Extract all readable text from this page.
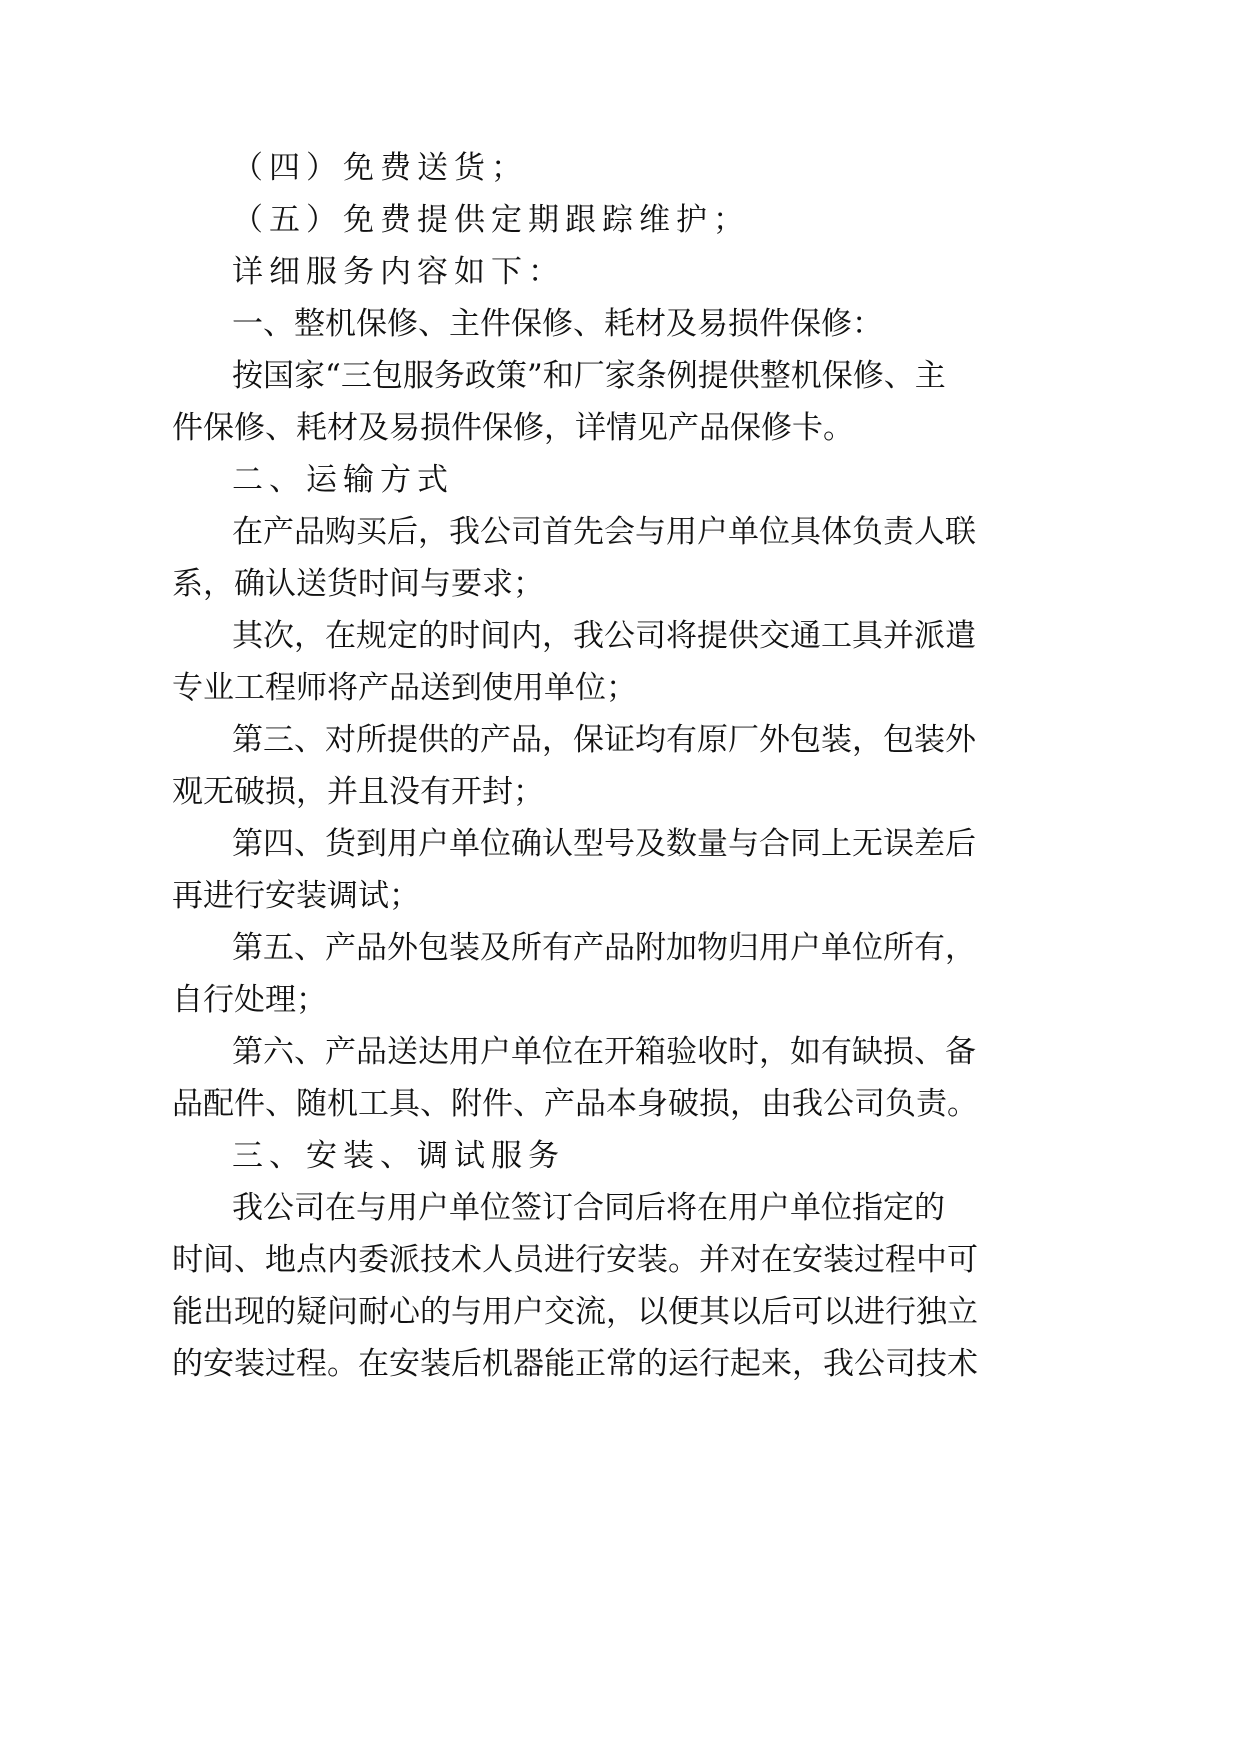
（四）免费送货；
（五）免费提供定期跟踪维护；
详细服务内容如下：
一、整机保修、主件保修、耗材及易损件保修：
按国家“三包服务政策”和厂家条例提供整机保修、主
件保修、耗材及易损件保修，详情见产品保修卡。
二、运输方式
在产品购买后，我公司首先会与用户单位具体负责人联
系，确认送货时间与要求；
其次，在规定的时间内，我公司将提供交通工具并派遣
专业工程师将产品送到使用单位；
第三、对所提供的产品，保证均有原厂外包装，包装外
观无破损，并且没有开封；
第四、货到用户单位确认型号及数量与合同上无误差后
再进行安装调试；
第五、产品外包装及所有产品附加物归用户单位所有，
自行处理；
第六、产品送达用户单位在开箱验收时，如有缺损、备
品配件、随机工具、附件、产品本身破损，由我公司负责。
三、安装、调试服务
我公司在与用户单位签订合同后将在用户单位指定的
时间、地点内委派技术人员进行安装。并对在安装过程中可
能出现的疑问耐心的与用户交流，以便其以后可以进行独立
的安装过程。在安装后机器能正常的运行起来，我公司技术
